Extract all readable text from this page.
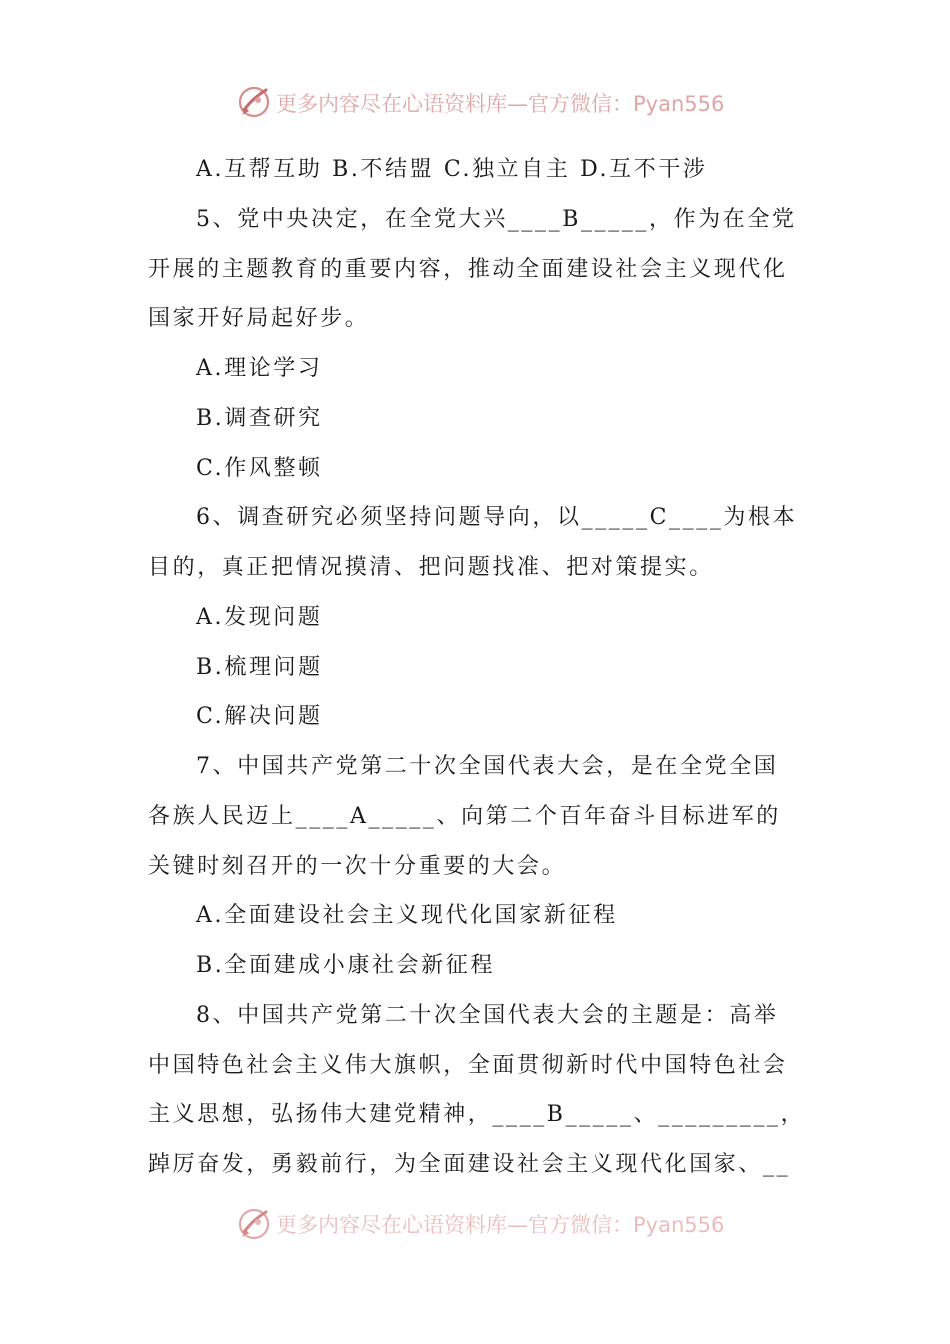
更多内容尽在心语资料库—官方微信：Pyan556
A.互帮互助 B.不结盟 C.独立自主 D.互不干涉
5、党中央决定，在全党大兴____B_____，作为在全党
开展的主题教育的重要内容，推动全面建设社会主义现代化
国家开好局起好步。
A.理论学习
B.调查研究
C.作风整顿
6、调查研究必须坚持问题导向，以_____C____为根本
目的，真正把情况摸清、把问题找准、把对策提实。
A.发现问题
B.梳理问题
C.解决问题
7、中国共产党第二十次全国代表大会，是在全党全国
各族人民迈上____A_____、向第二个百年奋斗目标进军的
关键时刻召开的一次十分重要的大会。
A.全面建设社会主义现代化国家新征程
B.全面建成小康社会新征程
8、中国共产党第二十次全国代表大会的主题是：高举
中国特色社会主义伟大旗帜，全面贯彻新时代中国特色社会
主义思想，弘扬伟大建党精神，____B_____、_________，
踔厉奋发，勇毅前行，为全面建设社会主义现代化国家、__
更多内容尽在心语资料库—官方微信：Pyan556
